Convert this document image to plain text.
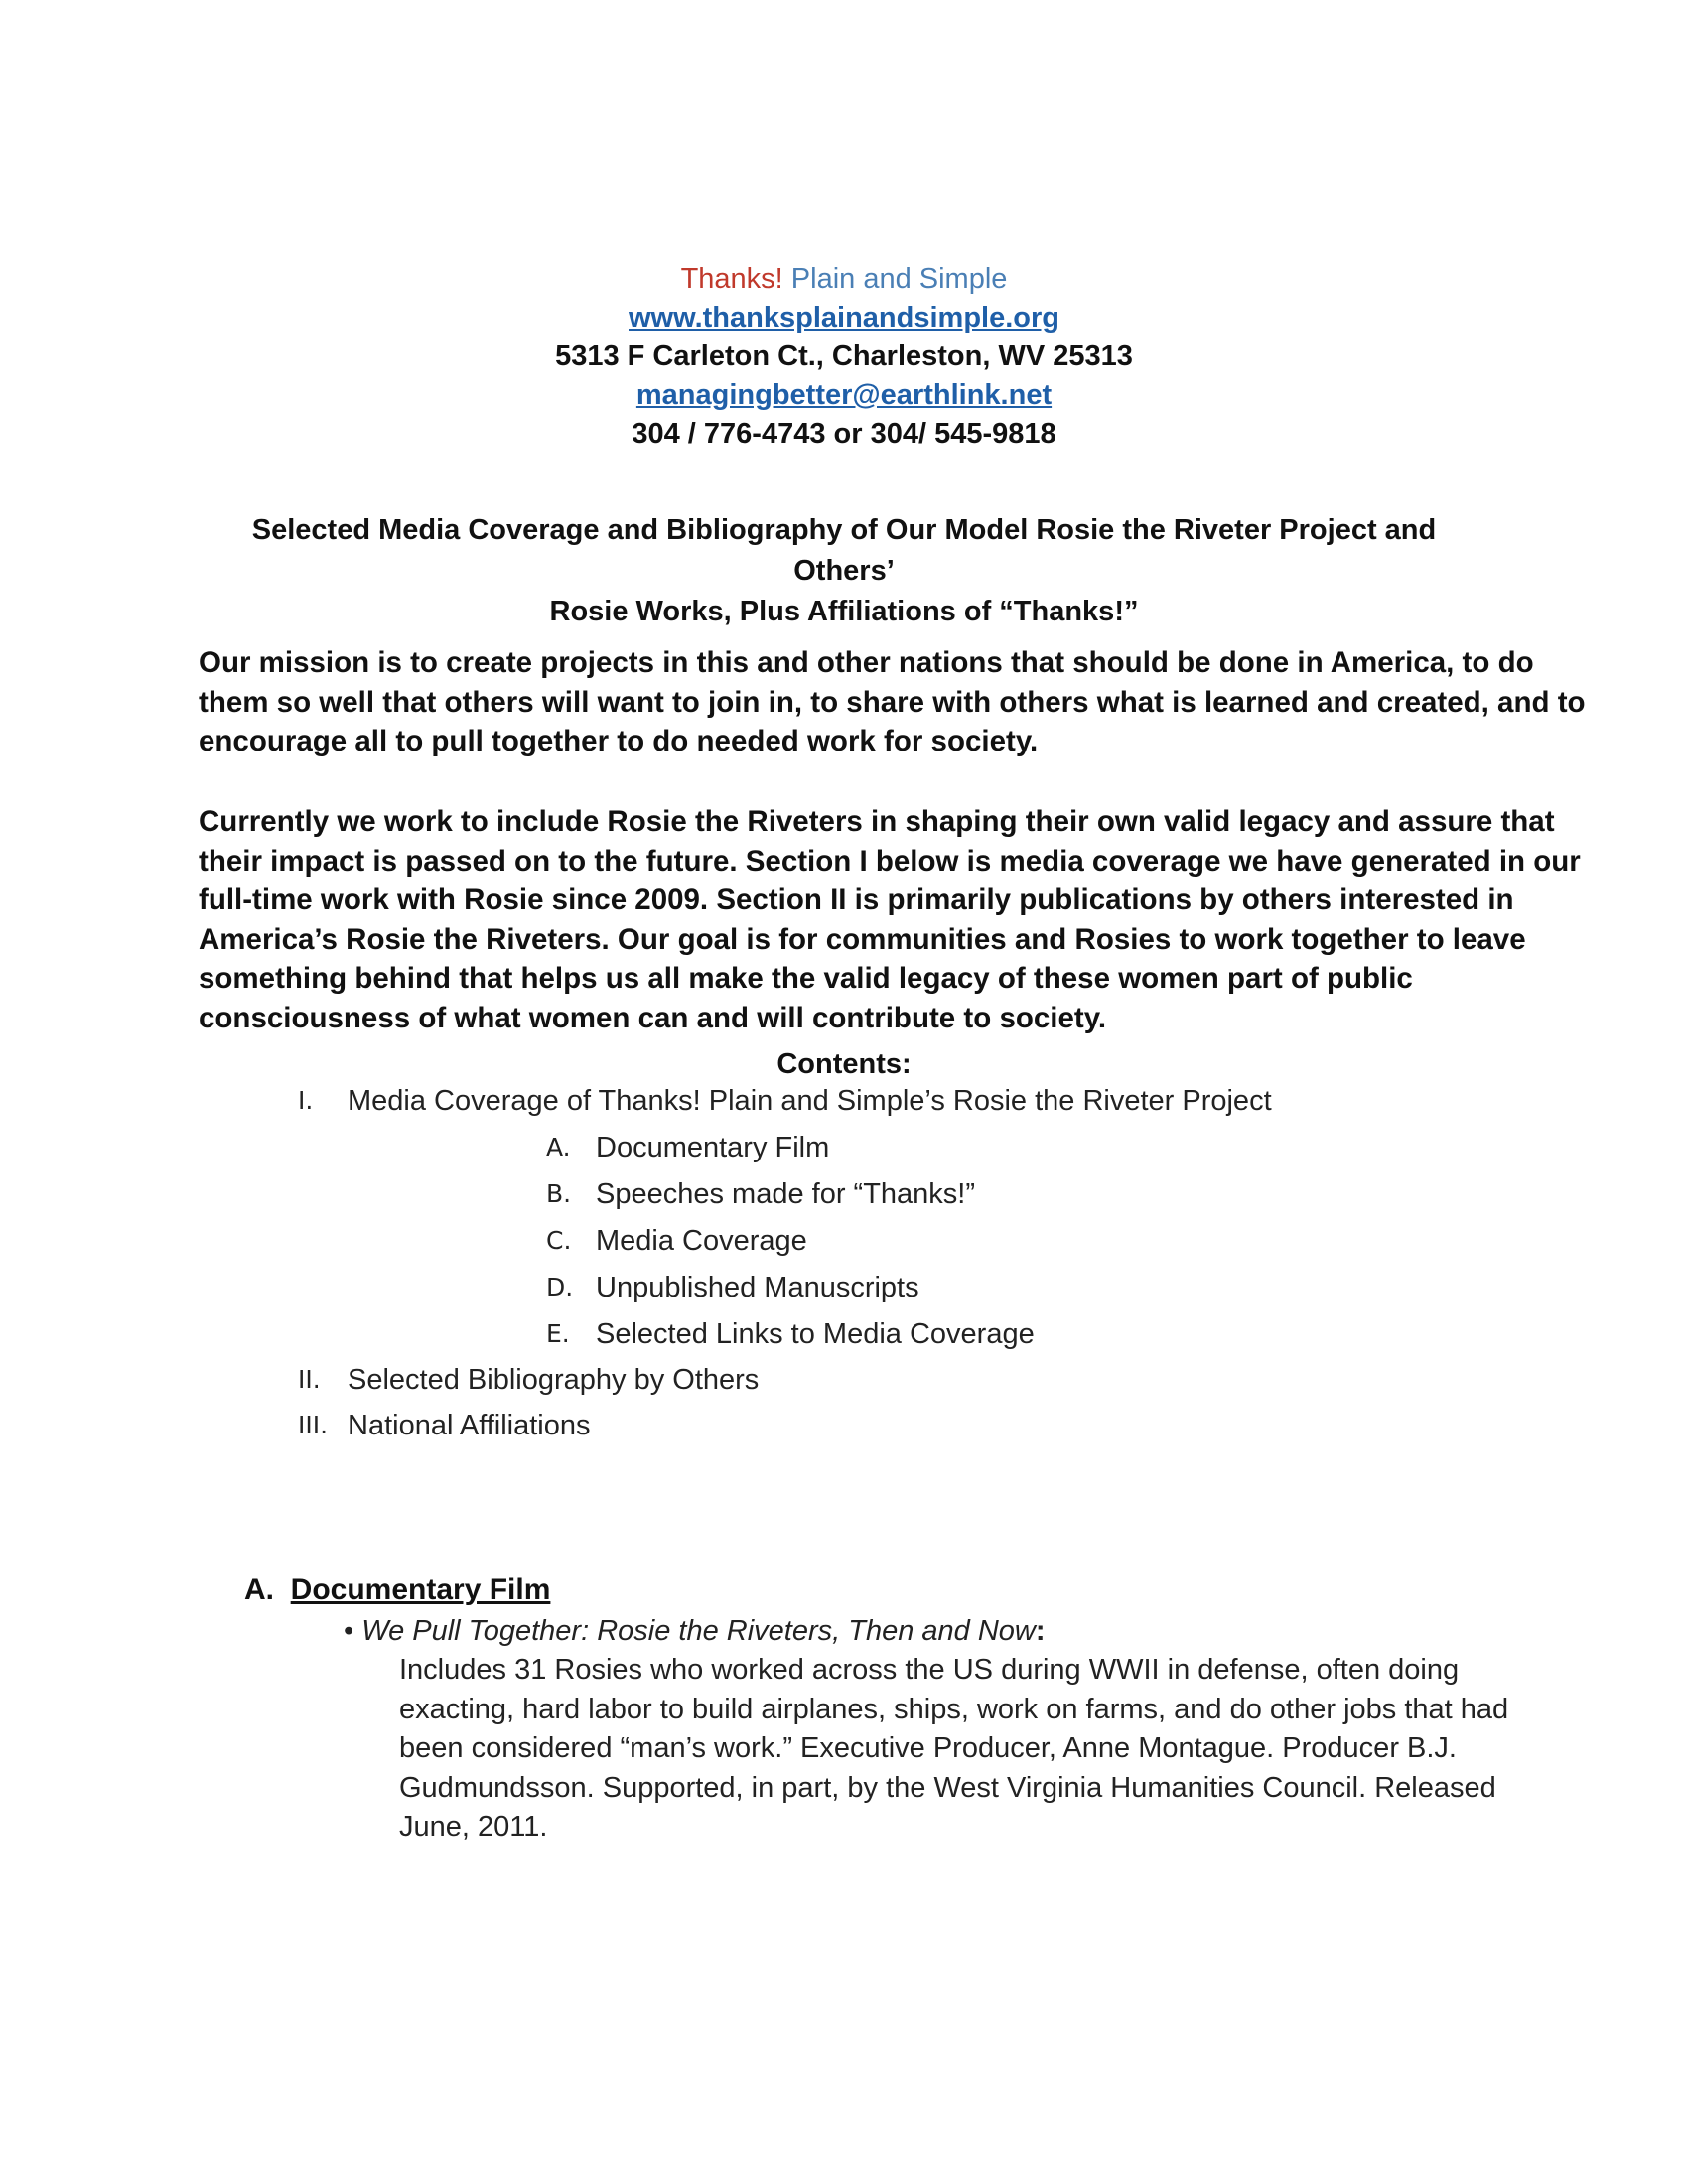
Thanks! Plain and Simple
www.thanksplainandsimple.org
5313 F Carleton Ct., Charleston, WV 25313
managingbetter@earthlink.net
304 / 776-4743 or 304/ 545-9818
Selected Media Coverage and Bibliography of Our Model Rosie the Riveter Project and Others’
Rosie Works, Plus Affiliations of “Thanks!”
Our mission is to create projects in this and other nations that should be done in America, to do
them so well that others will want to join in, to share with others what is learned and created, and to
encourage all to pull together to do needed work for society.
Currently we work to include Rosie the Riveters in shaping their own valid legacy and assure that
their impact is passed on to the future. Section I below is media coverage we have generated in our
full-time work with Rosie since 2009. Section II is primarily publications by others interested in
America’s Rosie the Riveters. Our goal is for communities and Rosies to work together to leave
something behind that helps us all make the valid legacy of these women part of public
consciousness of what women can and will contribute to society.
Contents:
I. Media Coverage of Thanks! Plain and Simple’s Rosie the Riveter Project
A. Documentary Film
B. Speeches made for “Thanks!”
C. Media Coverage
D. Unpublished Manuscripts
E. Selected Links to Media Coverage
II. Selected Bibliography by Others
III. National Affiliations
A. Documentary Film
• We Pull Together: Rosie the Riveters, Then and Now:
Includes 31 Rosies who worked across the US during WWII in defense, often doing
exacting, hard labor to build airplanes, ships, work on farms, and do other jobs that had
been considered “man’s work.” Executive Producer, Anne Montague. Producer B.J.
Gudmundsson. Supported, in part, by the West Virginia Humanities Council. Released
June, 2011.
